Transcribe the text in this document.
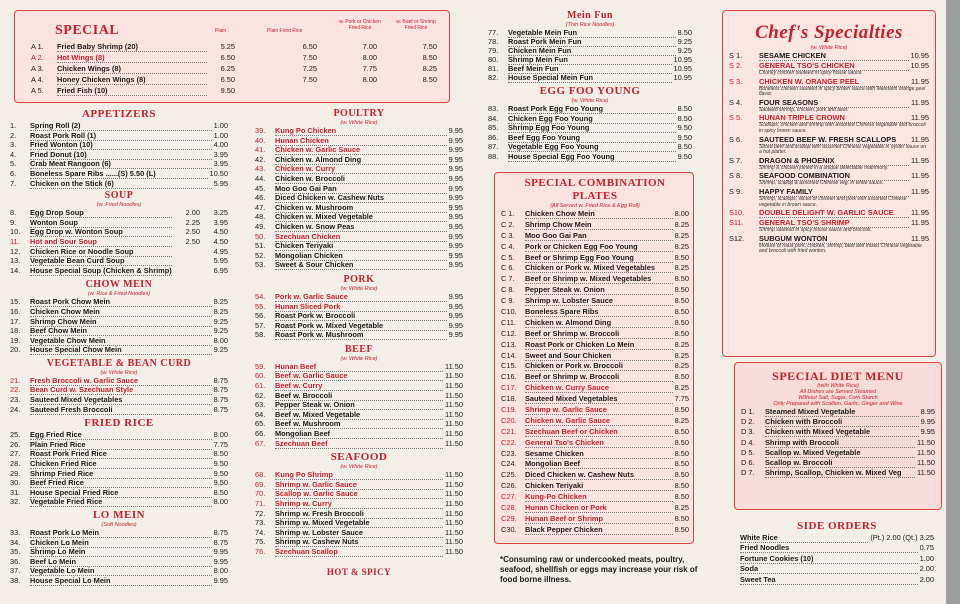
SPECIAL	Plain	Plain Fried Rice
w. Pork or Chicken Fried Rice
w. Beef or Shrimp Fried Rice
A 1.	Fried Baby Shrimp (20)	5.25	6.50	7.00	7.50
A 2.	Hot Wings (8)	6.50	7.50	8.00	8.50
A 3.	Chicken Wings (8)	6.25	7.25	7.75	8.25
A 4.	Honey Chicken Wings (8)	6.50	7.50	8.00	8.50
A 5.	Fried Fish (10)	9.50
APPETIZERS
1.	Spring Roll (2)	1.00
2.	Roast Pork Roll (1)	1.00
3.	Fried Wonton (10)	4.00
4.	Fried Donut (10)	3.95
5.	Crab Meat Rangoon (6)	3.95
6.	Boneless Spare Ribs ......(S) 5.50 (L)	10.50
7.	Chicken on the Stick (6)	5.95
SOUP
(w. Fried Noodles)
8.	Egg Drop Soup	2.00	3.25
9.	Wonton Soup	2.25	3.95
10.	Egg Drop w. Wonton Soup	2.50	4.50
11.	Hot and Sour Soup	2.50	4.50
12.	Chicken Rice or Noodle Soup	4.95
13.	Vegetable Bean Curd Soup	5.95
14.	House Special Soup (Chicken & Shrimp)	6.95
CHOW MEIN
(w. Rice & Fried Noodles)
15.	Roast Pork Chow Mein	8.25
16.	Chicken Chow Mein	8.25
17.	Shrimp Chow Mein	9.25
18.	Beef Chow Mein	9.25
19.	Vegetable Chow Mein	8.00
20.	House Special Chow Mein	9.25
VEGETABLE & BEAN CURD
(w. White Rice)
21.	Fresh Broccoli w. Garlic Sauce	8.75
22.	Bean Curd w. Szechuan Style	8.75
23.	Sauteed Mixed Vegetables	8.75
24.	Sauteed Fresh Broccoli	8.75
FRIED RICE
25.	Egg Fried Rice	8.00
26.	Plain Fried Rice	7.75
27.	Roast Pork Fried Rice	8.50
28.	Chicken Fried Rice	9.50
29.	Shrimp Fried Rice	9.50
30.	Beef Fried Rice	9.50
31.	House Special Fried Rice	8.50
32.	Vegetable Fried Rice	8.00
LO MEIN
(Soft Noodles)
33.	Roast Pork Lo Mein	8.75
34.	Chicken Lo Mein	8.75
35.	Shrimp Lo Mein	9.95
36.	Beef Lo Mein	9.95
37.	Vegetable Lo Mein	8.00
38.	House Special Lo Mein	9.95
POULTRY
(w. White Rice)
39.	Kung Po Chicken	9.95
40.	Hunan Chicken	9.95
41.	Chicken w. Garlic Sauce	9.95
42.	Chicken w. Almond Ding	9.95
43.	Chicken w. Curry	9.95
44.	Chicken w. Broccoli	9.95
45.	Moo Goo Gai Pan	9.95
46.	Diced Chicken w. Cashew Nuts	9.95
47.	Chicken w. Mushroom	9.95
48.	Chicken w. Mixed Vegetable	9.95
49.	Chicken w. Snow Peas	9.95
50.	Szechuan Chicken	9.95
51.	Chicken Teriyaki	9.95
52.	Mongolian Chicken	9.95
53.	Sweet & Sour Chicken	9.95
PORK
(w. White Rice)
54.	Pork w. Garlic Sauce	9.95
55.	Hunan Sliced Pork	9.95
56.	Roast Pork w. Broccoli	9.95
57.	Roast Pork w. Mixed Vegetable	9.95
58.	Roast Pork w. Mushroom	9.95
BEEF
(w. White Rice)
59.	Hunan Beef	11.50
60.	Beef w. Garlic Sauce	11.50
61.	Beef w. Curry	11.50
62.	Beef w. Broccoli	11.50
63.	Pepper Steak w. Onion	11.50
64.	Beef w. Mixed Vegetable	11.50
65.	Beef w. Mushroom	11.50
66.	Mongolian Beef	11.50
67.	Szechuan Beef	11.50
SEAFOOD
(w. White Rice)
68.	Kung Po Shrimp	11.50
69.	Shrimp w. Garlic Sauce	11.50
70.	Scallop w. Garlic Sauce	11.50
71.	Shrimp w. Curry	11.50
72.	Shrimp w. Fresh Broccoli	11.50
73.	Shrimp w. Mixed Vegetable	11.50
74.	Shrimp w. Lobster Sauce	11.50
75.	Shrimp w. Cashew Nuts	11.50
76.	Szechuan Scallop	11.50
HOT & SPICY
Mein Fun
(Thin Rice Noodles)
77.	Vegetable Mein Fun	8.50
78.	Roast Pork Mein Fun	9.25
79.	Chicken Mein Fun	9.25
80.	Shrimp Mein Fun	10.95
81.	Beef Mein Fun	10.95
82.	House Special Mein Fun	10.95
EGG FOO YOUNG
(w. White Rice)
83.	Roast Pork Egg Foo Young	8.50
84.	Chicken Egg Foo Young	8.50
85.	Shrimp Egg Foo Young	9.50
86.	Beef Egg Foo Young	9.50
87.	Vegetable Egg Foo Young	8.50
88.	House Special Egg Foo Young	9.50
SPECIAL COMBINATION PLATES
(All Served w. Fried Rice & Egg Roll)
C 1.	Chicken Chow Mein	8.00
C 2.	Shrimp Chow Mein	8.25
C 3.	Moo Goo Gai Pan	8.25
C 4.	Pork or Chicken Egg Foo Young	8.25
C 5.	Beef or Shrimp Egg Foo Young	8.50
C 6.	Chicken or Pork w. Mixed Vegetables	8.25
C 7.	Beef or Shrimp w. Mixed Vegetables	8.50
C 8.	Pepper Steak w. Onion	8.50
C 9.	Shrimp w. Lobster Sauce	8.50
C10.	Boneless Spare Ribs	8.50
C11.	Chicken w. Almond Ding	8.50
C12.	Beef or Shrimp w. Broccoli	8.50
C13.	Roast Pork or Chicken Lo Mein	8.25
C14.	Sweet and Sour Chicken	8.25
C15.	Chicken or Pork w. Broccoli	8.25
C16.	Beef or Shrimp w. Broccoli	8.50
C17.	Chicken w. Curry Sauce	8.25
C18.	Sauteed Mixed Vegetables	7.75
C19.	Shrimp w. Garlic Sauce	8.50
C20.	Chicken w. Garlic Sauce	8.25
C21.	Szechuan Beef or Chicken	8.50
C22.	General Tso's Chicken	8.50
C23.	Sesame Chicken	8.50
C24.	Mongolian Beef	8.50
C25.	Diced Chicken w. Cashew Nuts	8.50
C26.	Chicken Teriyaki	8.50
C27.	Kung-Po Chicken	8.50
C28.	Hunan Chicken or Pork	8.25
C29.	Hunan Beef or Shrimp	8.50
C30.	Black Pepper Chicken	8.50
*Consuming raw or undercooked meats, poultry, seafood, shellfish or eggs may increase your risk of food borne illness.
Chef's Specialties
(w. White Rice)
S 1.	SESAME CHICKEN	10.95
S 2.	GENERAL TSO'S CHICKEN	10.95
Chunky chicken sauteed in spicy house sauce.
S 3.	CHICKEN W. ORANGE PEEL	11.95
Boneless chicken sauteed in spicy brown sauce with Mandarin orange peel flavor.
S 4.	FOUR SEASONS	11.95
Sauteed shrimp, chicken, pork and beef.
S 5.	HUNAN TRIPLE CROWN	11.95
Scallops, chicken and shrimp with assorted Chinese vegetable and broccoli in spicy brown sauce.
S 6.	SAUTEED BEEF W. FRESH SCALLOPS	11.95
Sliced beef and scallop with assorted Chinese vegetable in oyster sauce on a hot platter.
S 7.	DRAGON & PHOENIX	11.95
Shrimp & chicken joined in a unique delectable matrimony.
S 8.	SEAFOOD COMBINATION	11.95
Shrimp, scallop & assorted Chinese veg. in white sauce.
S 9.	HAPPY FAMILY	11.95
Shrimp, scallops, sliced of chicken and pork with assorted Chinese vegetable in brown sauce.
S10.	DOUBLE DELIGHT W. GARLIC SAUCE	11.95
S11.	GENERAL TSO'S SHRIMP	11.95
Shrimp sauteed in spicy house sauce and broccoli.
S12.	SUBGUM WONTON	11.95
Mixture of roast pork, chicken, shrimp, beef and mixed Chinese vegetable and broccoli with fried wonton.
SPECIAL DIET MENU
(with White Rice)
All Dishes are Served Steamed
Without Salt, Sugar, Corn Starch
Only Prepared with Scallion, Garlic, Ginger and Wine
D 1.	Steamed Mixed Vegetable	8.95
D 2.	Chicken with Broccoli	9.95
D 3.	Chicken with Mixed Vegetable	9.95
D 4.	Shrimp with Broccoli	11.50
D 5.	Scallop w. Mixed Vegetable	11.50
D 6.	Scallop w. Broccoli	11.50
D 7.	Shrimp, Scallop, Chicken w. Mixed Veg	11.50
SIDE ORDERS
White Rice	(Pt.) 2.00 (Qt.) 3.25
Fried Noodles	0.75
Fortune Cookies (10)	1.00
Soda	2.00
Sweet Tea	2.00
